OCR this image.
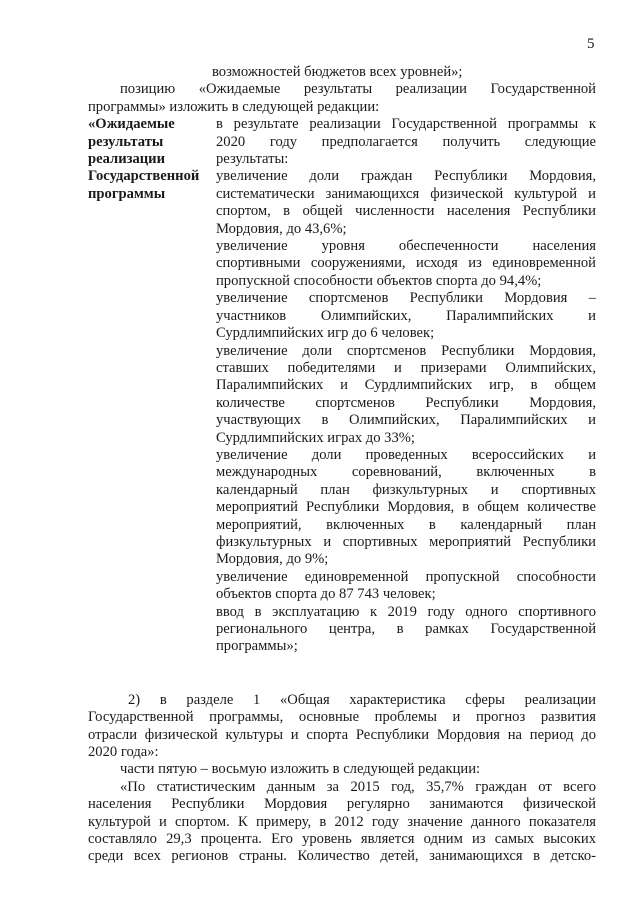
5
возможностей бюджетов всех уровней»;
позицию «Ожидаемые результаты реализации Государственной
программы» изложить в следующей редакции:
«Ожидаемые
результаты
реализации
Государственной
программы
в результате реализации Государственной программы к
2020 году предполагается получить следующие
результаты:
увеличение доли граждан Республики Мордовия,
систематически занимающихся физической культурой и
спортом, в общей численности населения Республики
Мордовия, до 43,6%;
увеличение уровня обеспеченности населения
спортивными сооружениями, исходя из единовременной
пропускной способности объектов спорта до 94,4%;
увеличение спортсменов Республики Мордовия –
участников Олимпийских, Паралимпийских и
Сурдлимпийских игр до 6 человек;
увеличение доли спортсменов Республики Мордовия,
ставших победителями и призерами Олимпийских,
Паралимпийских и Сурдлимпийских игр, в общем
количестве спортсменов Республики Мордовия,
участвующих в Олимпийских, Паралимпийских и
Сурдлимпийских играх до 33%;
увеличение доли проведенных всероссийских и
международных соревнований, включенных в
календарный план физкультурных и спортивных
мероприятий Республики Мордовия, в общем количестве
мероприятий, включенных в календарный план
физкультурных и спортивных мероприятий Республики
Мордовия, до 9%;
увеличение единовременной пропускной способности
объектов спорта до 87 743 человек;
ввод в эксплуатацию к 2019 году одного спортивного
регионального центра, в рамках Государственной
программы»;
2) в разделе 1 «Общая характеристика сферы реализации
Государственной программы, основные проблемы и прогноз развития
отрасли физической культуры и спорта Республики Мордовия на период до
2020 года»:
части пятую – восьмую изложить в следующей редакции:
«По статистическим данным за 2015 год, 35,7% граждан от всего
населения Республики Мордовия регулярно занимаются физической
культурой и спортом. К примеру, в 2012 году значение данного показателя
составляло 29,3 процента. Его уровень является одним из самых высоких
среди всех регионов страны. Количество детей, занимающихся в детско-
